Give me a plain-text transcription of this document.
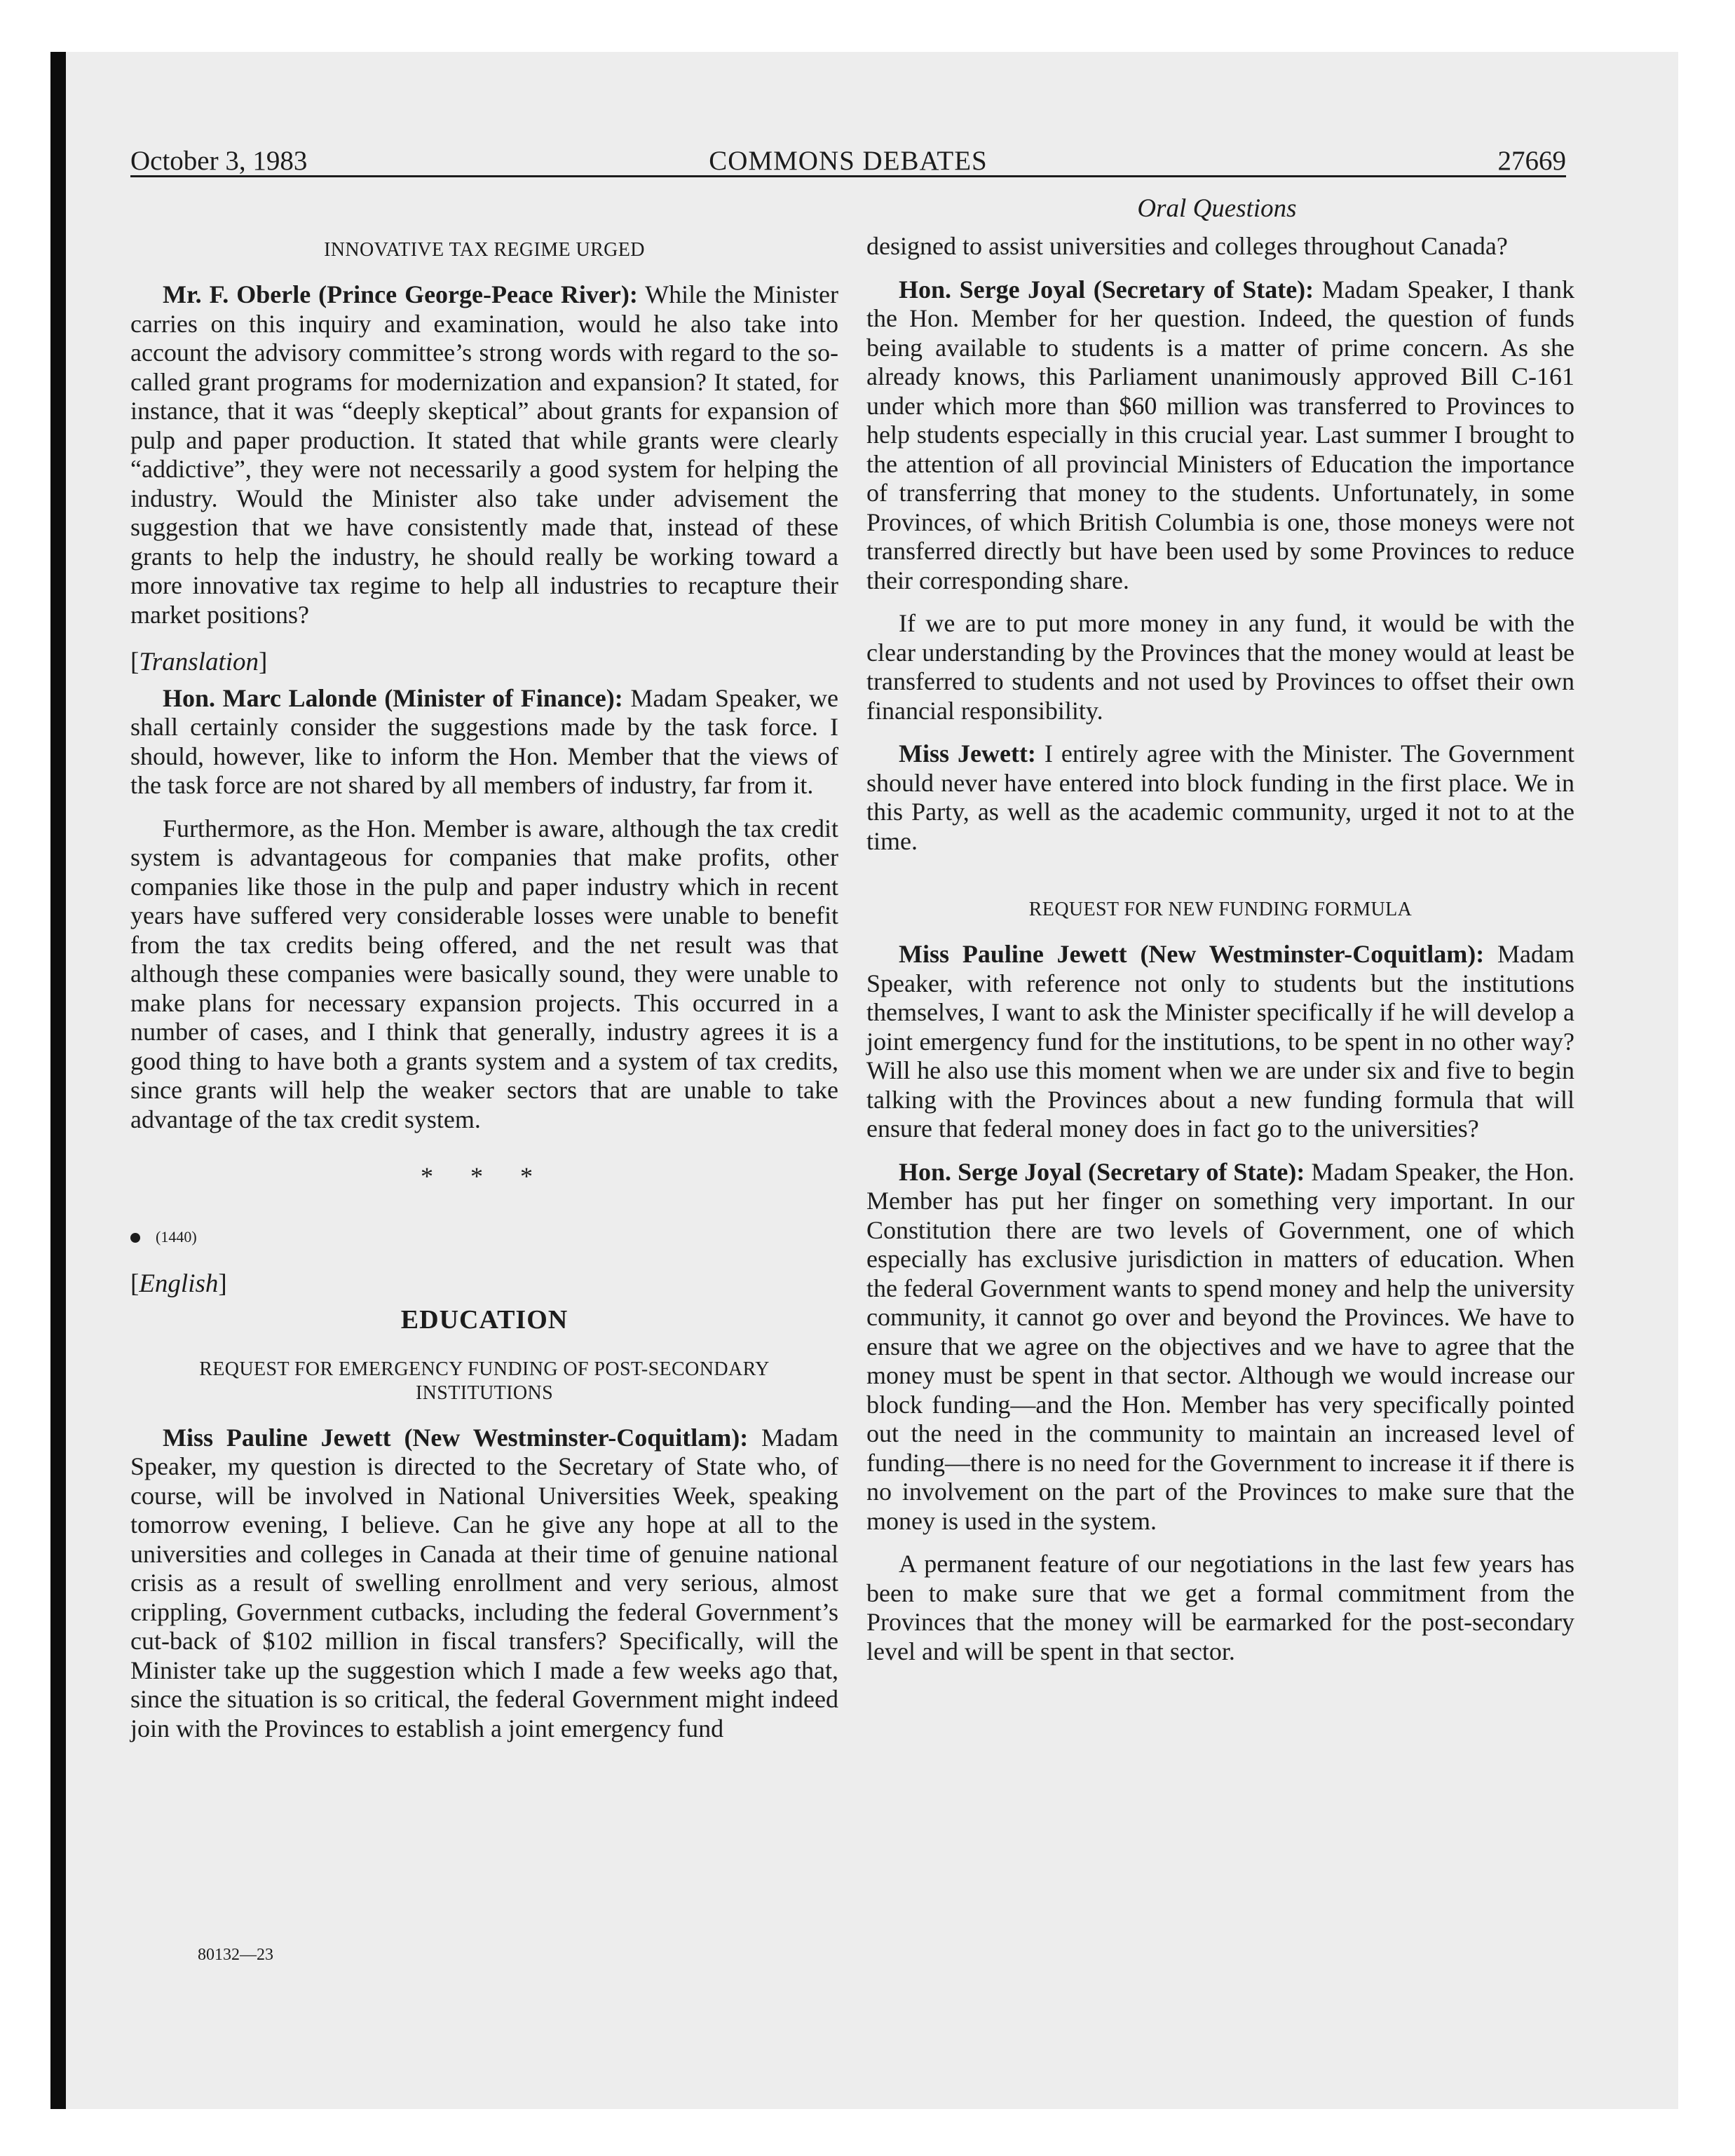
October 3, 1983	COMMONS DEBATES	27669
Oral Questions
INNOVATIVE TAX REGIME URGED

Mr. F. Oberle (Prince George-Peace River): While the Minister carries on this inquiry and examination, would he also take into account the advisory committee’s strong words with regard to the so-called grant programs for modernization and expansion? It stated, for instance, that it was “deeply skeptical” about grants for expansion of pulp and paper production. It stated that while grants were clearly “addictive”, they were not necessarily a good system for helping the industry. Would the Minister also take under advisement the suggestion that we have consistently made that, instead of these grants to help the industry, he should really be working toward a more innovative tax regime to help all industries to recapture their market positions?

[Translation]

Hon. Marc Lalonde (Minister of Finance): Madam Speaker, we shall certainly consider the suggestions made by the task force. I should, however, like to inform the Hon. Member that the views of the task force are not shared by all members of industry, far from it.

Furthermore, as the Hon. Member is aware, although the tax credit system is advantageous for companies that make profits, other companies like those in the pulp and paper industry which in recent years have suffered very considerable losses were unable to benefit from the tax credits being offered, and the net result was that although these companies were basically sound, they were unable to make plans for necessary expansion projects. This occurred in a number of cases, and I think that generally, industry agrees it is a good thing to have both a grants system and a system of tax credits, since grants will help the weaker sectors that are unable to take advantage of the tax credit system.

* * *
(1440)
[English]
EDUCATION
REQUEST FOR EMERGENCY FUNDING OF POST-SECONDARY INSTITUTIONS

Miss Pauline Jewett (New Westminster-Coquitlam): Madam Speaker, my question is directed to the Secretary of State who, of course, will be involved in National Universities Week, speaking tomorrow evening, I believe. Can he give any hope at all to the universities and colleges in Canada at their time of genuine national crisis as a result of swelling enrollment and very serious, almost crippling, Government cutbacks, including the federal Government’s cut-back of $102 million in fiscal transfers? Specifically, will the Minister take up the suggestion which I made a few weeks ago that, since the situation is so critical, the federal Government might indeed join with the Provinces to establish a joint emergency fund

designed to assist universities and colleges throughout Canada?

Hon. Serge Joyal (Secretary of State): Madam Speaker, I thank the Hon. Member for her question. Indeed, the question of funds being available to students is a matter of prime concern. As she already knows, this Parliament unanimously approved Bill C-161 under which more than $60 million was transferred to Provinces to help students especially in this crucial year. Last summer I brought to the attention of all provincial Ministers of Education the importance of transferring that money to the students. Unfortunately, in some Provinces, of which British Columbia is one, those moneys were not transferred directly but have been used by some Provinces to reduce their corresponding share.

If we are to put more money in any fund, it would be with the clear understanding by the Provinces that the money would at least be transferred to students and not used by Provinces to offset their own financial responsibility.

Miss Jewett: I entirely agree with the Minister. The Government should never have entered into block funding in the first place. We in this Party, as well as the academic community, urged it not to at the time.

REQUEST FOR NEW FUNDING FORMULA

Miss Pauline Jewett (New Westminster-Coquitlam): Madam Speaker, with reference not only to students but the institutions themselves, I want to ask the Minister specifically if he will develop a joint emergency fund for the institutions, to be spent in no other way? Will he also use this moment when we are under six and five to begin talking with the Provinces about a new funding formula that will ensure that federal money does in fact go to the universities?

Hon. Serge Joyal (Secretary of State): Madam Speaker, the Hon. Member has put her finger on something very important. In our Constitution there are two levels of Government, one of which especially has exclusive jurisdiction in matters of education. When the federal Government wants to spend money and help the university community, it cannot go over and beyond the Provinces. We have to ensure that we agree on the objectives and we have to agree that the money must be spent in that sector. Although we would increase our block funding—and the Hon. Member has very specifically pointed out the need in the community to maintain an increased level of funding—there is no need for the Government to increase it if there is no involvement on the part of the Provinces to make sure that the money is used in the system.

A permanent feature of our negotiations in the last few years has been to make sure that we get a formal commitment from the Provinces that the money will be earmarked for the post-secondary level and will be spent in that sector.

80132—23
